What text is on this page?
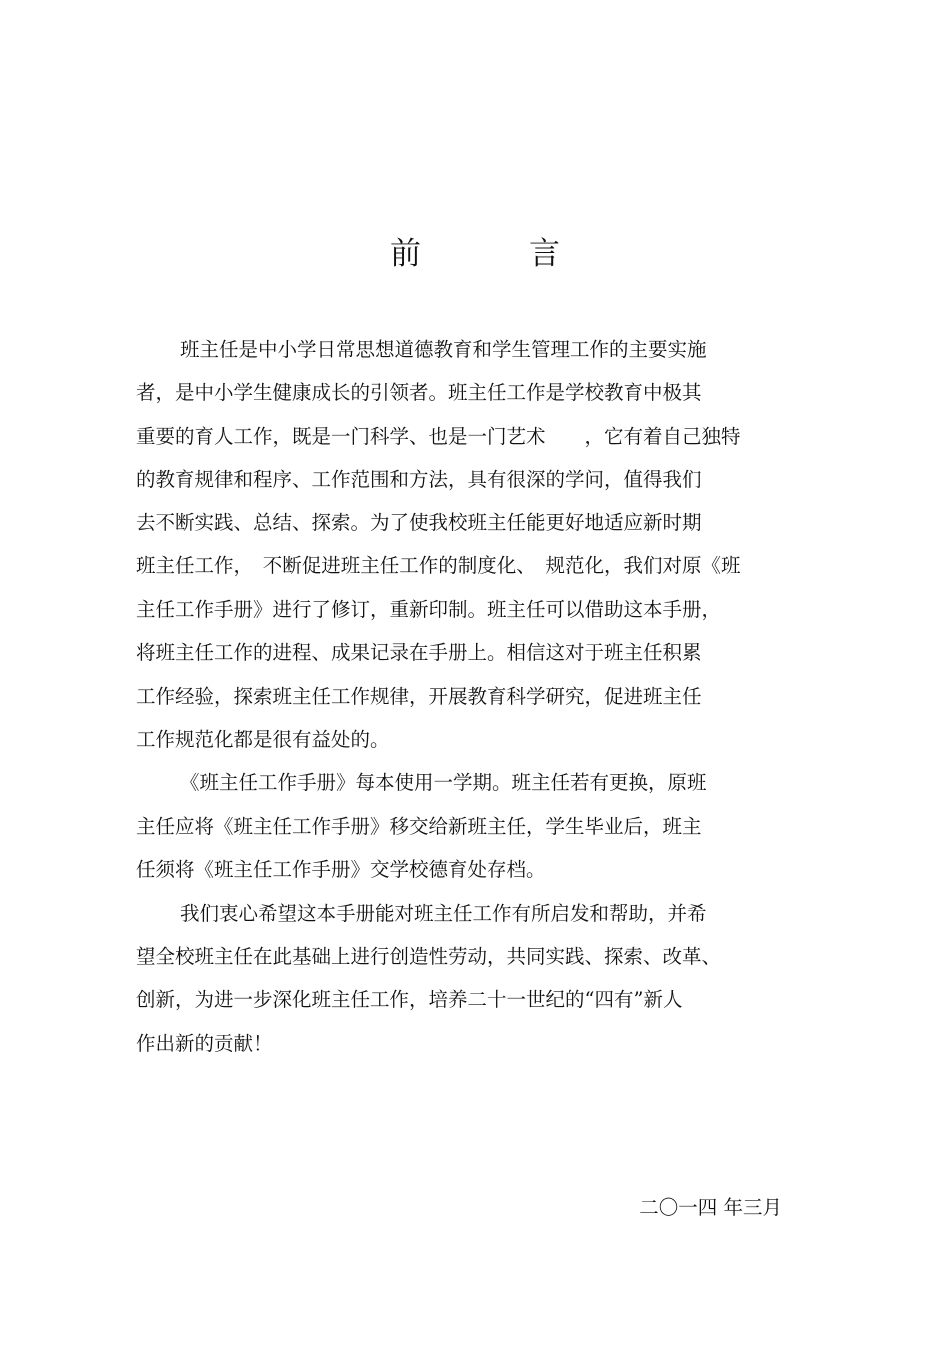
前	言
班主任是中小学日常思想道德教育和学生管理工作的主要实施
者，是中小学生健康成长的引领者。班主任工作是学校教育中极其
重要的育人工作，既是一门科学、也是一门艺术　　，它有着自己独特
的教育规律和程序、工作范围和方法，具有很深的学问，值得我们
去不断实践、总结、探索。为了使我校班主任能更好地适应新时期
班主任工作，　不断促进班主任工作的制度化、　规范化，我们对原《班
主任工作手册》进行了修订，重新印制。班主任可以借助这本手册，
将班主任工作的进程、成果记录在手册上。相信这对于班主任积累
工作经验，探索班主任工作规律，开展教育科学研究，促进班主任
工作规范化都是很有益处的。
《班主任工作手册》每本使用一学期。班主任若有更换，原班
主任应将《班主任工作手册》移交给新班主任，学生毕业后，班主
任须将《班主任工作手册》交学校德育处存档。
我们衷心希望这本手册能对班主任工作有所启发和帮助，并希
望全校班主任在此基础上进行创造性劳动，共同实践、探索、改革、
创新，为进一步深化班主任工作，培养二十一世纪的“四有”新人
作出新的贡献！
二〇一四 年三月
